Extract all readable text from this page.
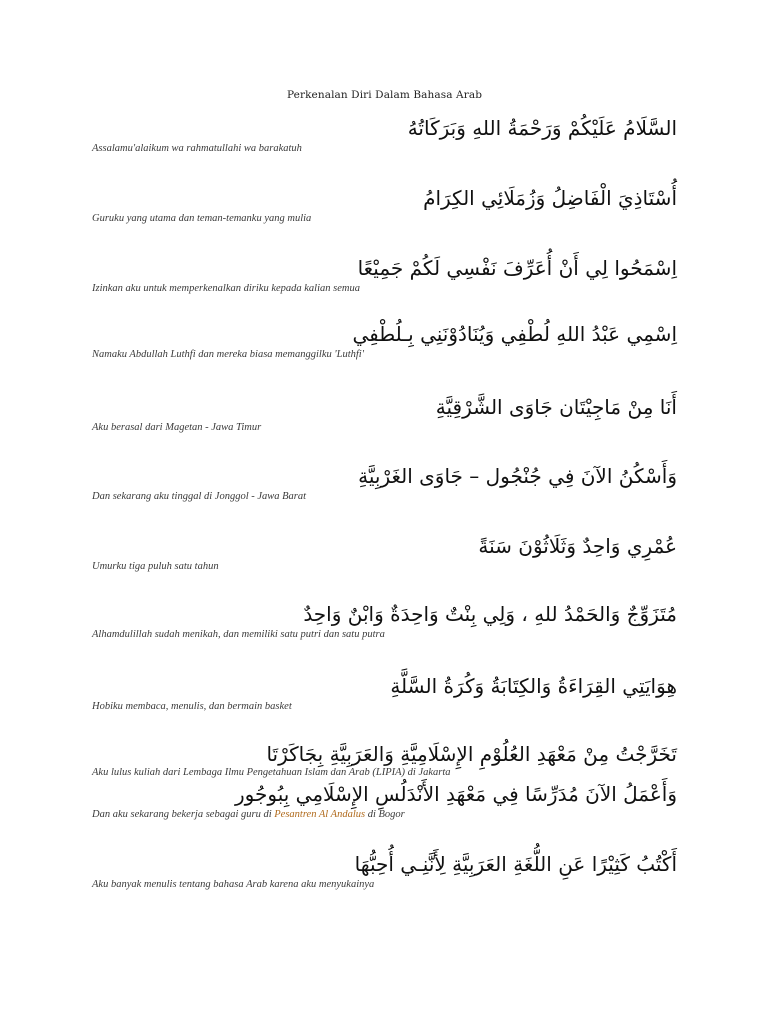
Perkenalan Diri Dalam Bahasa Arab
السَّلَامُ عَلَيْكُمْ وَرَحْمَةُ اللهِ وَبَرَكَاتُهُ
Assalamu'alaikum wa rahmatullahi wa barakatuh
أُسْتَاذِيَ الْفَاضِلُ وَزُمَلَائِي الكِرَامُ
Guruku yang utama dan teman-temanku yang mulia
اِسْمَحُوا لِي أَنْ أُعَرِّفَ نَفْسِي لَكُمْ جَمِيْعًا
Izinkan aku untuk memperkenalkan diriku kepada kalian semua
اِسْمِي عَبْدُ اللهِ لُطْفِي وَيُنَادُوْنَنِي بِـلُطْفِي
Namaku Abdullah Luthfi dan mereka biasa memanggilku 'Luthfi'
أَنَا مِنْ مَاجِيْتَان جَاوَى الشَّرْقِيَّةِ
Aku berasal dari Magetan - Jawa Timur
وَأَسْكُنُ الآنَ فِي جُنْجُول – جَاوَى الغَرْبِيَّةِ
Dan sekarang aku tinggal di Jonggol - Jawa Barat
عُمْرِي وَاحِدٌ وَثَلَاثُوْنَ سَنَةً
Umurku tiga puluh satu tahun
مُتَزَوِّجٌ وَالحَمْدُ للهِ ، وَلِي بِنْتٌ وَاحِدَةٌ وَابْنٌ وَاحِدٌ
Alhamdulillah sudah menikah, dan memiliki satu putri dan satu putra
هِوَايَتِي القِرَاءَةُ وَالكِتَابَةُ وَكُرَةُ السَّلَّةِ
Hobiku membaca, menulis, dan bermain basket
تَخَرَّجْتُ مِنْ مَعْهَدِ العُلُوْمِ الإِسْلَامِيَّةِ وَالعَرَبِيَّةِ بِجَاكَرْتَا
Aku lulus kuliah dari Lembaga Ilmu Pengetahuan Islam dan Arab (LIPIA) di Jakarta
وَأَعْمَلُ الآنَ مُدَرِّسًا فِي مَعْهَدِ الأَنْدَلُسِ الإِسْلَامِي بِبُوجُور
Dan aku sekarang bekerja sebagai guru di Pesantren Al Andalus di Bogor
أَكْتُبُ كَثِيْرًا عَنِ اللُّغَةِ العَرَبِيَّةِ لِأَنَّنِـي أُحِبُّهَا
Aku banyak menulis tentang bahasa Arab karena aku menyukainya
